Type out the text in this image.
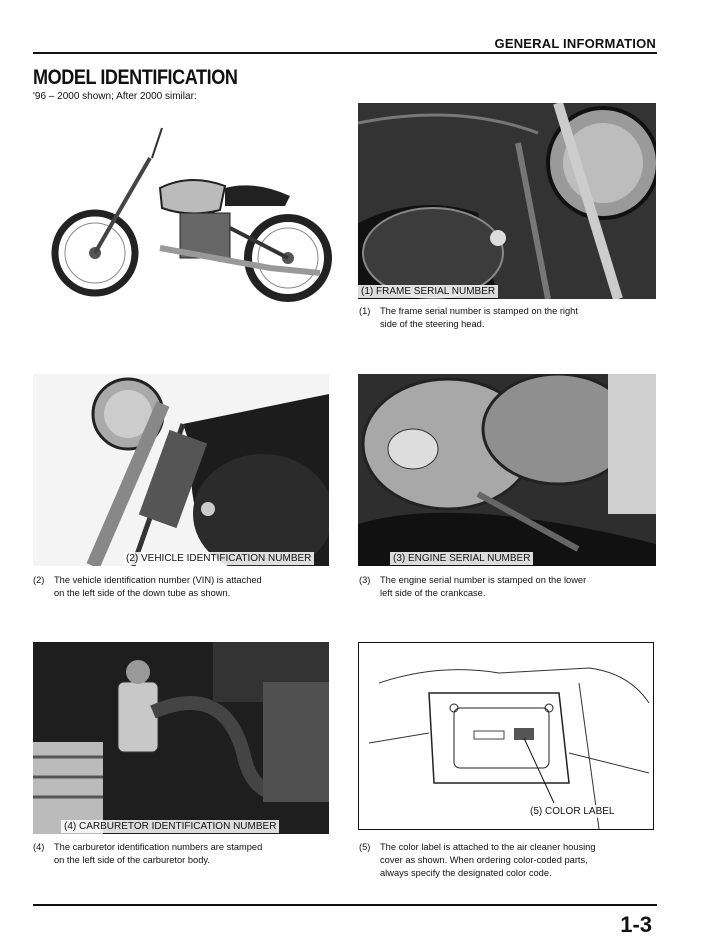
GENERAL INFORMATION
MODEL IDENTIFICATION
'96 – 2000 shown; After 2000 similar:
(1) FRAME SERIAL NUMBER
(1) The frame serial number is stamped on the right
side of the steering head.
(2) VEHICLE IDENTIFICATION NUMBER
(2) The vehicle identification number (VIN) is attached
on the left side of the down tube as shown.
(3) ENGINE SERIAL NUMBER
(3) The engine serial number is stamped on the lower
left side of the crankcase.
(4) CARBURETOR IDENTIFICATION NUMBER
(4) The carburetor identification numbers are stamped
on the left side of the carburetor body.
(5) COLOR LABEL
(5) The color label is attached to the air cleaner housing
cover as shown. When ordering color-coded parts,
always specify the designated color code.
1-3
